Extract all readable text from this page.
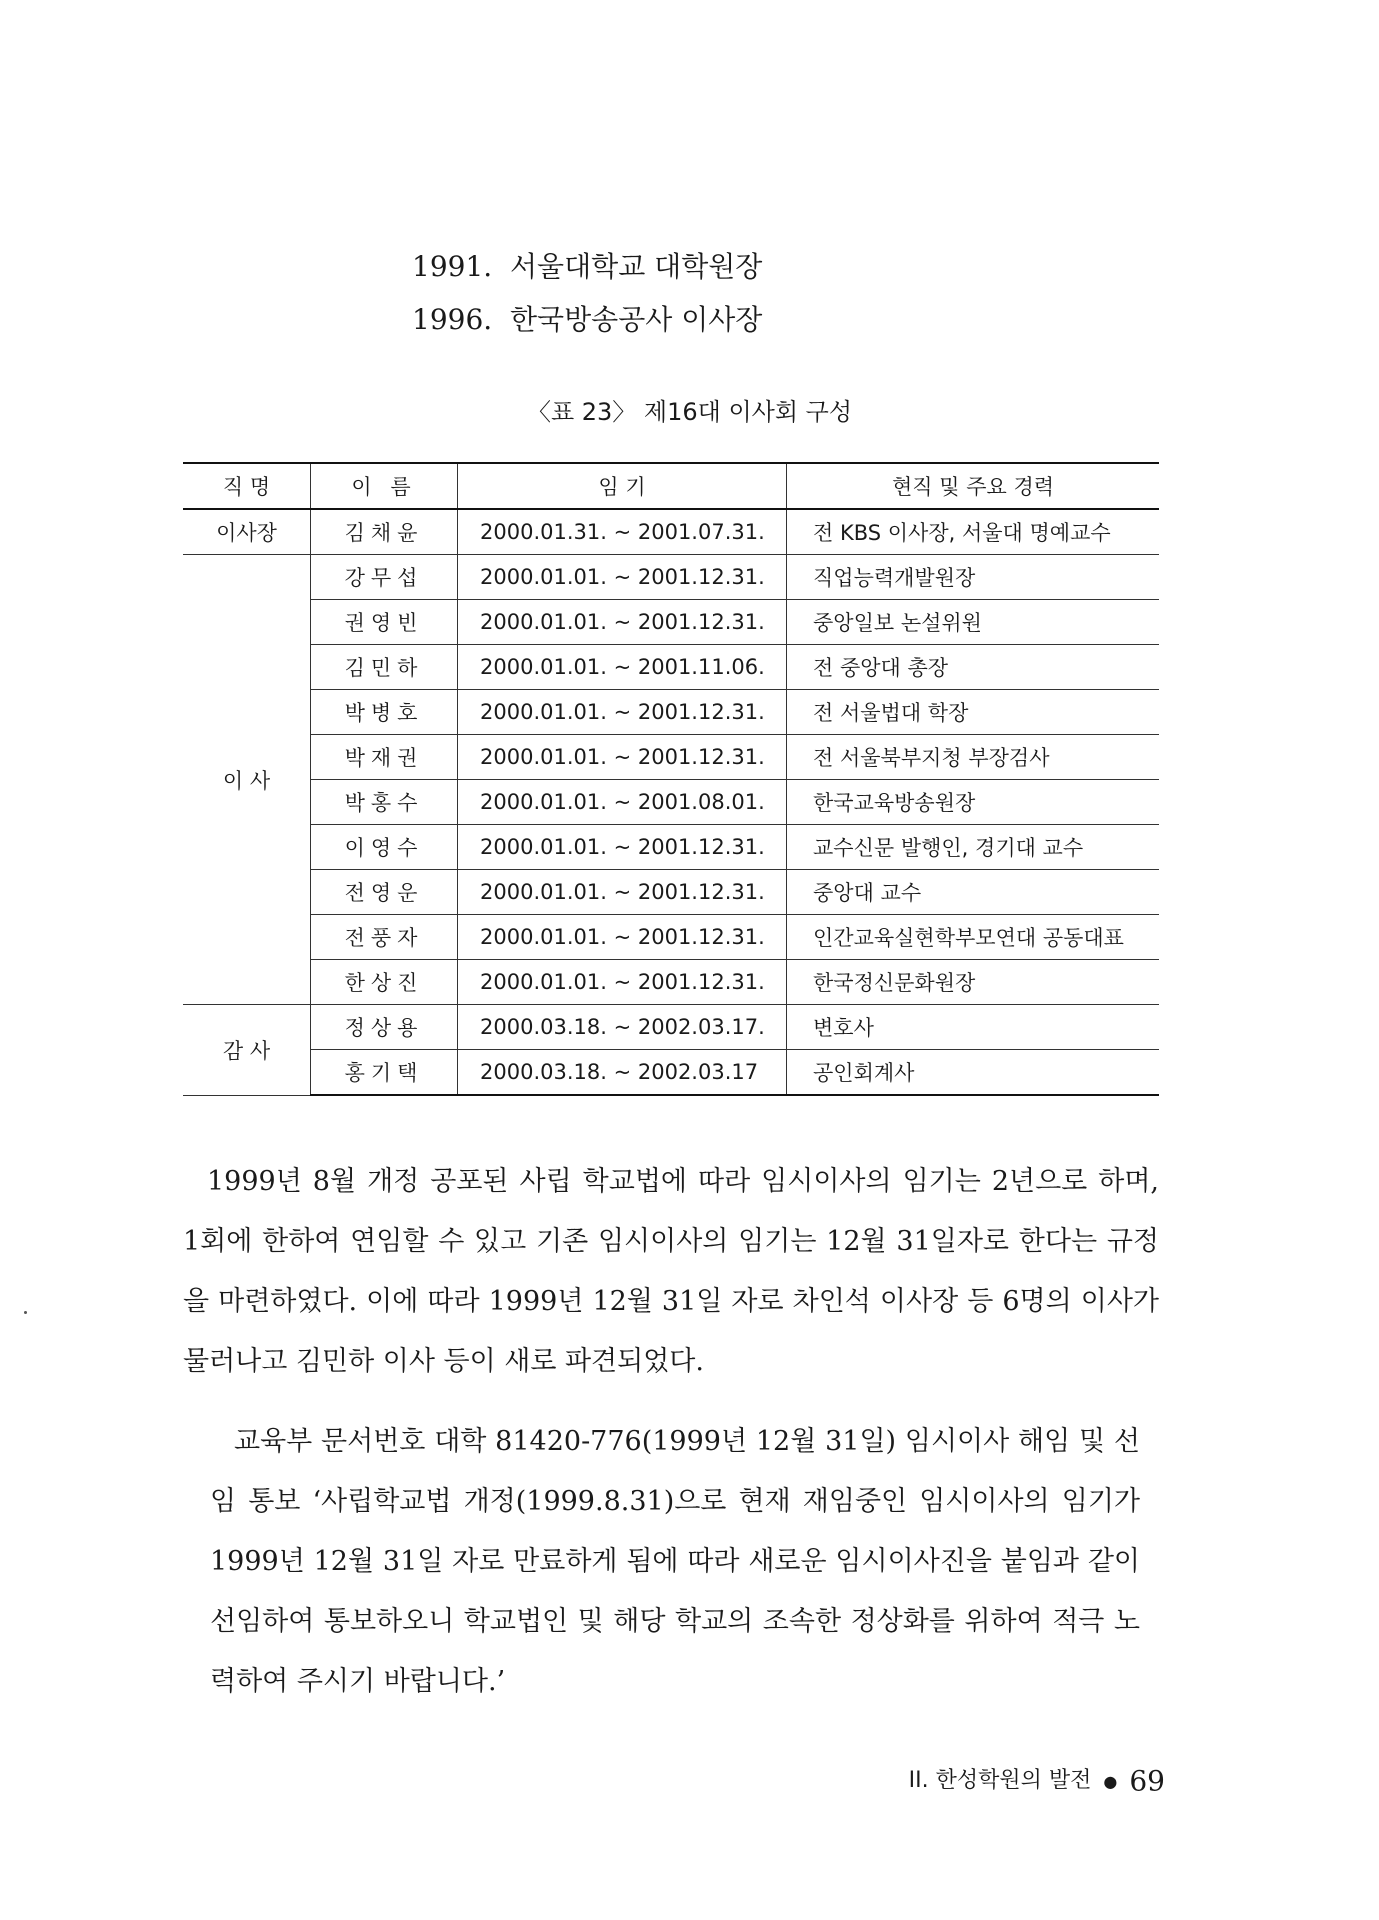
1991. 서울대학교 대학원장
1996. 한국방송공사 이사장
〈표 23〉 제16대 이사회 구성
직 명	이 름	임 기	현직 및 주요 경력
이사장	김채윤	2000.01.31. ~ 2001.07.31.	전 KBS 이사장, 서울대 명예교수
이 사	강무섭	2000.01.01. ~ 2001.12.31.	직업능력개발원장
	권영빈	2000.01.01. ~ 2001.12.31.	중앙일보 논설위원
	김민하	2000.01.01. ~ 2001.11.06.	전 중앙대 총장
	박병호	2000.01.01. ~ 2001.12.31.	전 서울법대 학장
	박재권	2000.01.01. ~ 2001.12.31.	전 서울북부지청 부장검사
	박홍수	2000.01.01. ~ 2001.08.01.	한국교육방송원장
	이영수	2000.01.01. ~ 2001.12.31.	교수신문 발행인, 경기대 교수
	전영운	2000.01.01. ~ 2001.12.31.	중앙대 교수
	전풍자	2000.01.01. ~ 2001.12.31.	인간교육실현학부모연대 공동대표
	한상진	2000.01.01. ~ 2001.12.31.	한국정신문화원장
감 사	정상용	2000.03.18. ~ 2002.03.17.	변호사
	홍기택	2000.03.18. ~ 2002.03.17	공인회계사
1999년 8월 개정 공포된 사립 학교법에 따라 임시이사의 임기는 2년으로 하며, 1회에 한하여 연임할 수 있고 기존 임시이사의 임기는 12월 31일자로 한다는 규정을 마련하였다. 이에 따라 1999년 12월 31일 자로 차인석 이사장 등 6명의 이사가 물러나고 김민하 이사 등이 새로 파견되었다.
교육부 문서번호 대학 81420-776(1999년 12월 31일) 임시이사 해임 및 선임 통보 ‘사립학교법 개정(1999.8.31)으로 현재 재임중인 임시이사의 임기가 1999년 12월 31일 자로 만료하게 됨에 따라 새로운 임시이사진을 붙임과 같이 선임하여 통보하오니 학교법인 및 해당 학교의 조속한 정상화를 위하여 적극 노력하여 주시기 바랍니다.’
II. 한성학원의 발전 ● 69
